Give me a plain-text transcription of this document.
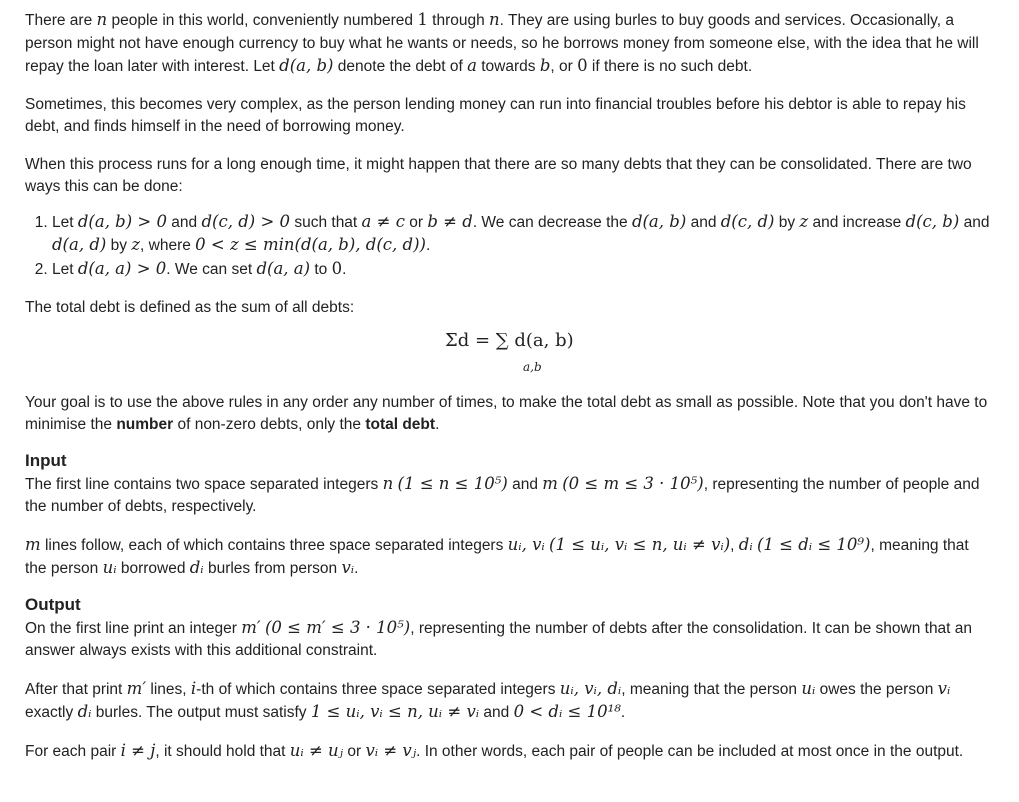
There are n people in this world, conveniently numbered 1 through n. They are using burles to buy goods and services. Occasionally, a person might not have enough currency to buy what he wants or needs, so he borrows money from someone else, with the idea that he will repay the loan later with interest. Let d(a, b) denote the debt of a towards b, or 0 if there is no such debt.

Sometimes, this becomes very complex, as the person lending money can run into financial troubles before his debtor is able to repay his debt, and finds himself in the need of borrowing money.

When this process runs for a long enough time, it might happen that there are so many debts that they can be consolidated. There are two ways this can be done:

1. Let d(a, b) > 0 and d(c, d) > 0 such that a ≠ c or b ≠ d. We can decrease the d(a, b) and d(c, d) by z and increase d(c, b) and d(a, d) by z, where 0 < z ≤ min(d(a, b), d(c, d)).
2. Let d(a, a) > 0. We can set d(a, a) to 0.

The total debt is defined as the sum of all debts:

Σd = ∑ d(a, b)
a,b

Your goal is to use the above rules in any order any number of times, to make the total debt as small as possible. Note that you don't have to minimise the number of non-zero debts, only the total debt.

Input

The first line contains two space separated integers n (1 ≤ n ≤ 10⁵) and m (0 ≤ m ≤ 3 · 10⁵), representing the number of people and the number of debts, respectively.

m lines follow, each of which contains three space separated integers uᵢ, vᵢ (1 ≤ uᵢ, vᵢ ≤ n, uᵢ ≠ vᵢ), dᵢ (1 ≤ dᵢ ≤ 10⁹), meaning that the person uᵢ borrowed dᵢ burles from person vᵢ.

Output

On the first line print an integer m′ (0 ≤ m′ ≤ 3 · 10⁵), representing the number of debts after the consolidation. It can be shown that an answer always exists with this additional constraint.

After that print m′ lines, i-th of which contains three space separated integers uᵢ, vᵢ, dᵢ, meaning that the person uᵢ owes the person vᵢ exactly dᵢ burles. The output must satisfy 1 ≤ uᵢ, vᵢ ≤ n, uᵢ ≠ vᵢ and 0 < dᵢ ≤ 10¹⁸.

For each pair i ≠ j, it should hold that uᵢ ≠ uⱼ or vᵢ ≠ vⱼ. In other words, each pair of people can be included at most once in the output.
